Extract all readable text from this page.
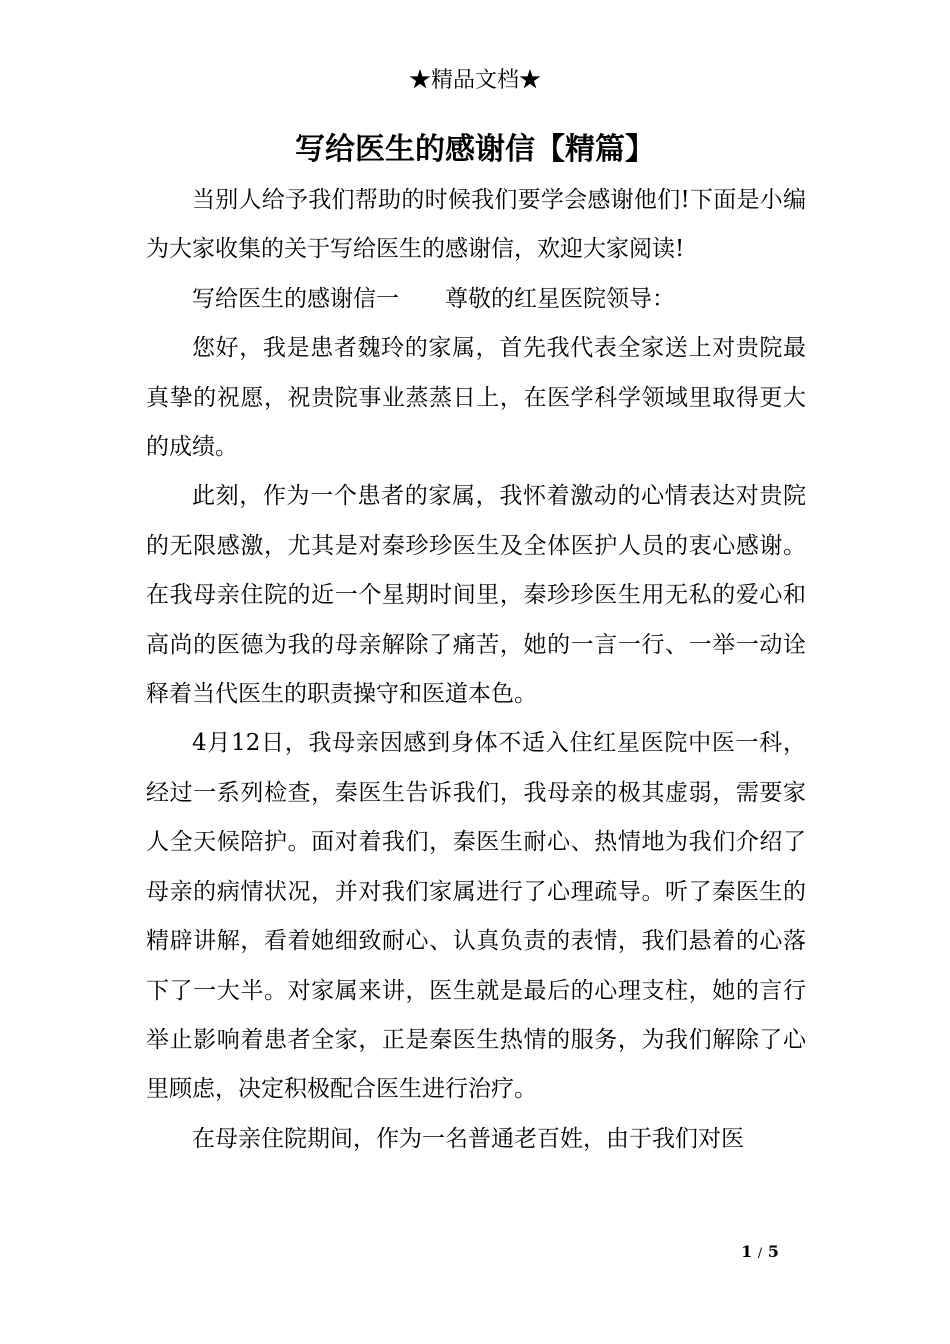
★精品文档★
写给医生的感谢信【精篇】

当别人给予我们帮助的时候我们要学会感谢他们!下面是小编为大家收集的关于写给医生的感谢信，欢迎大家阅读!

写给医生的感谢信一　　尊敬的红星医院领导：

您好，我是患者魏玲的家属，首先我代表全家送上对贵院最真挚的祝愿，祝贵院事业蒸蒸日上，在医学科学领域里取得更大的成绩。

此刻，作为一个患者的家属，我怀着激动的心情表达对贵院的无限感激，尤其是对秦珍珍医生及全体医护人员的衷心感谢。在我母亲住院的近一个星期时间里，秦珍珍医生用无私的爱心和高尚的医德为我的母亲解除了痛苦，她的一言一行、一举一动诠释着当代医生的职责操守和医道本色。

4月12日，我母亲因感到身体不适入住红星医院中医一科，经过一系列检查，秦医生告诉我们，我母亲的极其虚弱，需要家人全天候陪护。面对着我们，秦医生耐心、热情地为我们介绍了母亲的病情状况，并对我们家属进行了心理疏导。听了秦医生的精辟讲解，看着她细致耐心、认真负责的表情，我们悬着的心落下了一大半。对家属来讲，医生就是最后的心理支柱，她的言行举止影响着患者全家，正是秦医生热情的服务，为我们解除了心里顾虑，决定积极配合医生进行治疗。

在母亲住院期间，作为一名普通老百姓，由于我们对医

1 / 5
